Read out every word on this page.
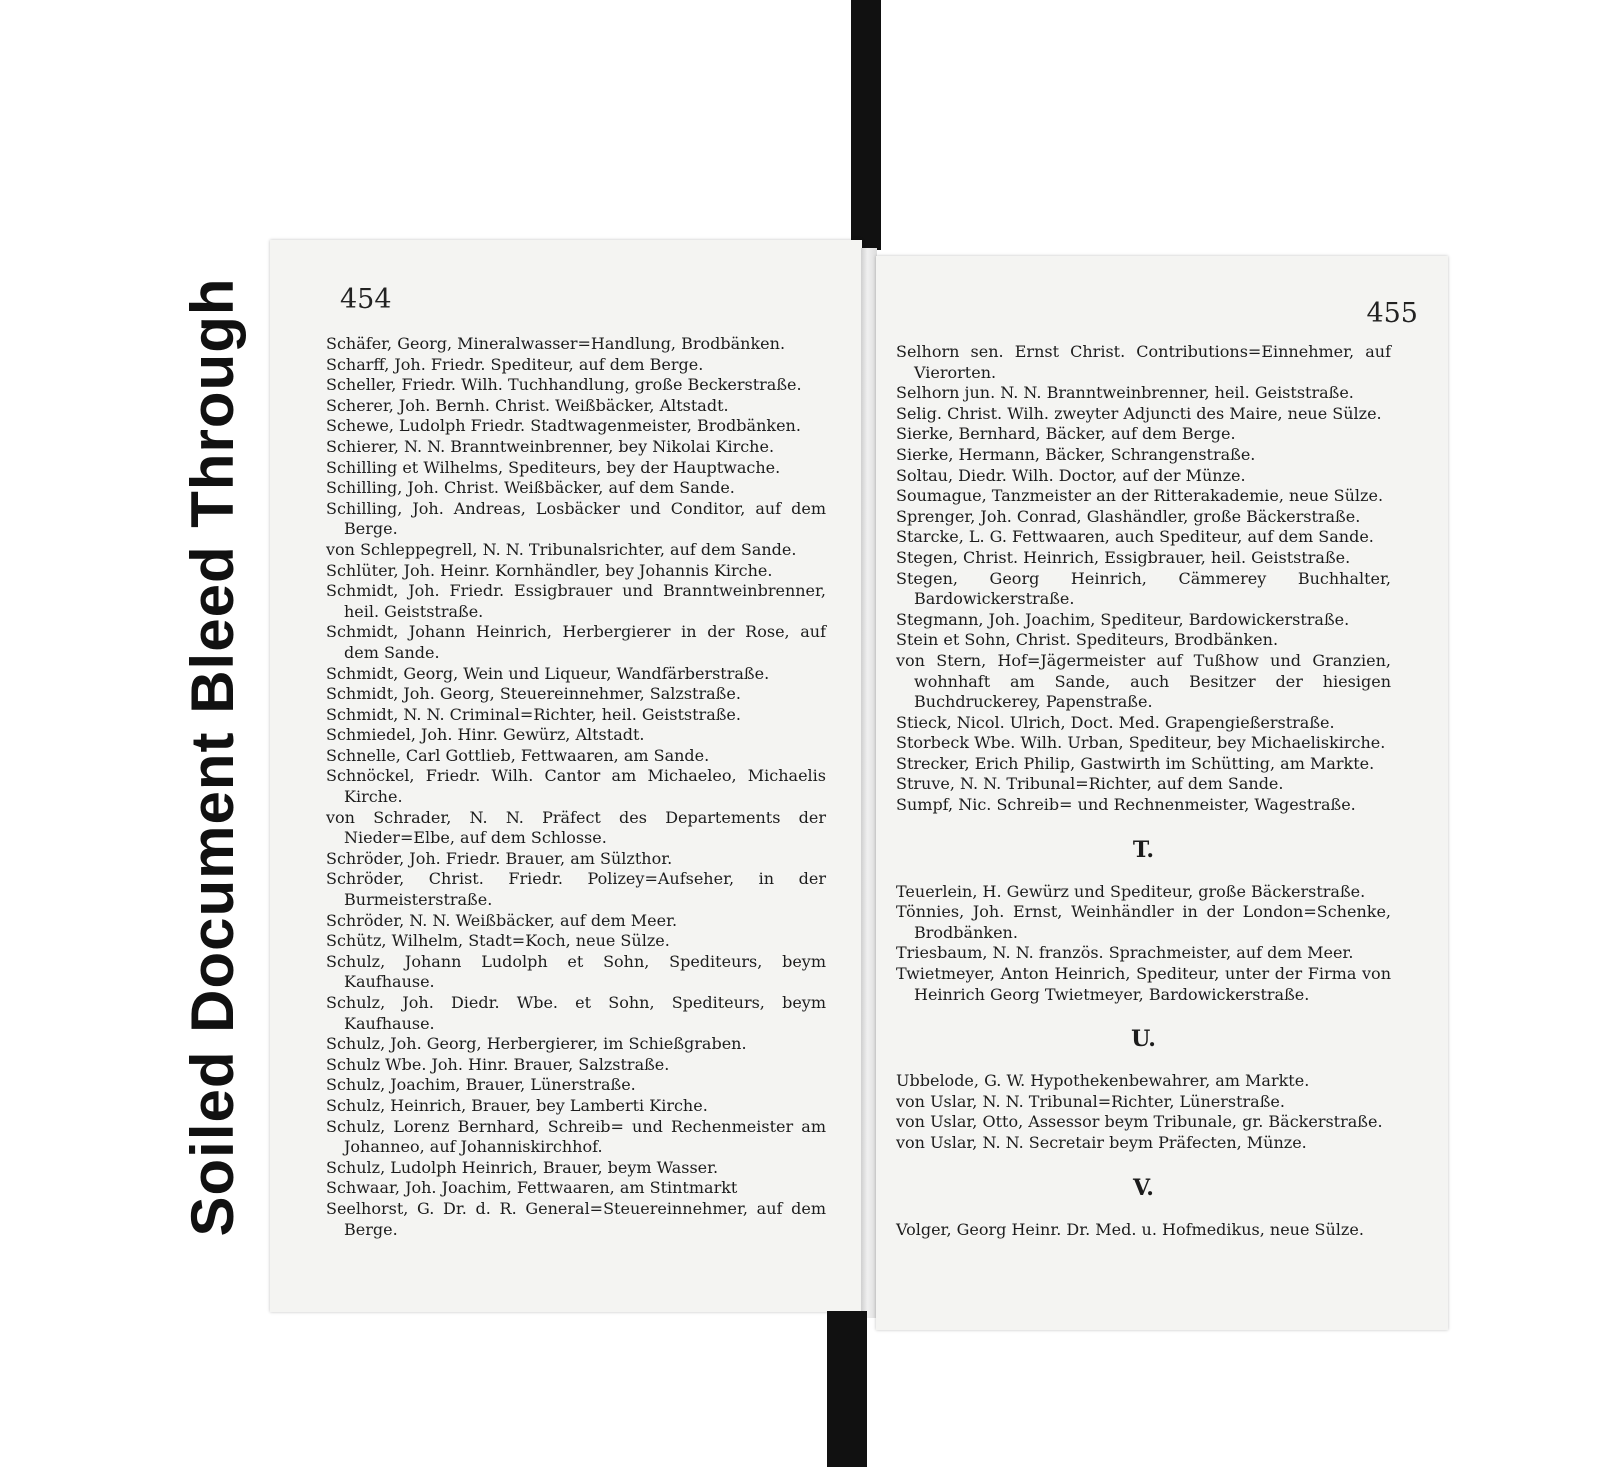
Soiled Document Bleed Through	454
Schäfer, Georg, Mineralwasser=Handlung, Brodbänken.
Scharff, Joh. Friedr. Spediteur, auf dem Berge.
Scheller, Friedr. Wilh. Tuchhandlung, große Beckerstraße.
Scherer, Joh. Bernh. Christ. Weißbäcker, Altstadt.
Schewe, Ludolph Friedr. Stadtwagenmeister, Brodbänken.
Schierer, N. N. Branntweinbrenner, bey Nikolai Kirche.
Schilling et Wilhelms, Spediteurs, bey der Hauptwache.
Schilling, Joh. Christ. Weißbäcker, auf dem Sande.
Schilling, Joh. Andreas, Losbäcker und Conditor, auf dem Berge.
von Schleppegrell, N. N. Tribunalsrichter, auf dem Sande.
Schlüter, Joh. Heinr. Kornhändler, bey Johannis Kirche.
Schmidt, Joh. Friedr. Essigbrauer und Branntweinbrenner, heil. Geiststraße.
Schmidt, Johann Heinrich, Herbergierer in der Rose, auf dem Sande.
Schmidt, Georg, Wein und Liqueur, Wandfärberstraße.
Schmidt, Joh. Georg, Steuereinnehmer, Salzstraße.
Schmidt, N. N. Criminal=Richter, heil. Geiststraße.
Schmiedel, Joh. Hinr. Gewürz, Altstadt.
Schnelle, Carl Gottlieb, Fettwaaren, am Sande.
Schnöckel, Friedr. Wilh. Cantor am Michaeleo, Michaelis Kirche.
von Schrader, N. N. Präfect des Departements der Nieder=Elbe, auf dem Schlosse.
Schröder, Joh. Friedr. Brauer, am Sülzthor.
Schröder, Christ. Friedr. Polizey=Aufseher, in der Burmeisterstraße.
Schröder, N. N. Weißbäcker, auf dem Meer.
Schütz, Wilhelm, Stadt=Koch, neue Sülze.
Schulz, Johann Ludolph et Sohn, Spediteurs, beym Kaufhause.
Schulz, Joh. Diedr. Wbe. et Sohn, Spediteurs, beym Kaufhause.
Schulz, Joh. Georg, Herbergierer, im Schießgraben.
Schulz Wbe. Joh. Hinr. Brauer, Salzstraße.
Schulz, Joachim, Brauer, Lünerstraße.
Schulz, Heinrich, Brauer, bey Lamberti Kirche.
Schulz, Lorenz Bernhard, Schreib= und Rechenmeister am Johanneo, auf Johanniskirchhof.
Schulz, Ludolph Heinrich, Brauer, beym Wasser.
Schwaar, Joh. Joachim, Fettwaaren, am Stintmarkt
Seelhorst, G. Dr. d. R. General=Steuereinnehmer, auf dem Berge.
455
Selhorn sen. Ernst Christ. Contributions=Einnehmer, auf Vierorten.
Selhorn jun. N. N. Branntweinbrenner, heil. Geiststraße.
Selig. Christ. Wilh. zweyter Adjuncti des Maire, neue Sülze.
Sierke, Bernhard, Bäcker, auf dem Berge.
Sierke, Hermann, Bäcker, Schrangenstraße.
Soltau, Diedr. Wilh. Doctor, auf der Münze.
Soumague, Tanzmeister an der Ritterakademie, neue Sülze.
Sprenger, Joh. Conrad, Glashändler, große Bäckerstraße.
Starcke, L. G. Fettwaaren, auch Spediteur, auf dem Sande.
Stegen, Christ. Heinrich, Essigbrauer, heil. Geiststraße.
Stegen, Georg Heinrich, Cämmerey Buchhalter, Bardowickerstraße.
Stegmann, Joh. Joachim, Spediteur, Bardowickerstraße.
Stein et Sohn, Christ. Spediteurs, Brodbänken.
von Stern, Hof=Jägermeister auf Tußhow und Granzien, wohnhaft am Sande, auch Besitzer der hiesigen Buchdruckerey, Papenstraße.
Stieck, Nicol. Ulrich, Doct. Med. Grapengießerstraße.
Storbeck Wbe. Wilh. Urban, Spediteur, bey Michaeliskirche.
Strecker, Erich Philip, Gastwirth im Schütting, am Markte.
Struve, N. N. Tribunal=Richter, auf dem Sande.
Sumpf, Nic. Schreib= und Rechnenmeister, Wagestraße.
T.
Teuerlein, H. Gewürz und Spediteur, große Bäckerstraße.
Tönnies, Joh. Ernst, Weinhändler in der London=Schenke, Brodbänken.
Triesbaum, N. N. französ. Sprachmeister, auf dem Meer.
Twietmeyer, Anton Heinrich, Spediteur, unter der Firma von Heinrich Georg Twietmeyer, Bardowickerstraße.
U.
Ubbelode, G. W. Hypothekenbewahrer, am Markte.
von Uslar, N. N. Tribunal=Richter, Lünerstraße.
von Uslar, Otto, Assessor beym Tribunale, gr. Bäckerstraße.
von Uslar, N. N. Secretair beym Präfecten, Münze.
V.
Volger, Georg Heinr. Dr. Med. u. Hofmedikus, neue Sülze.
